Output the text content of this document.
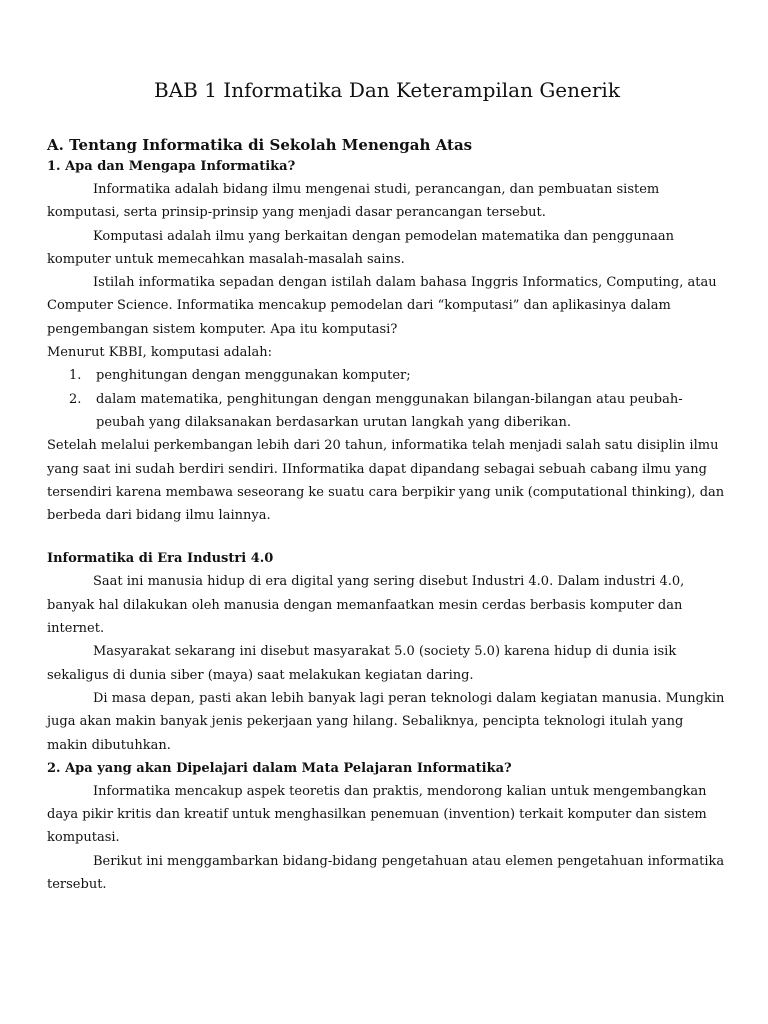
BAB 1 Informatika Dan Keterampilan Generik
A. Tentang Informatika di Sekolah Menengah Atas
1. Apa dan Mengapa Informatika?

Informatika adalah bidang ilmu mengenai studi, perancangan, dan pembuatan sistem komputasi, serta prinsip-prinsip yang menjadi dasar perancangan tersebut.

Komputasi adalah ilmu yang berkaitan dengan pemodelan matematika dan penggunaan komputer untuk memecahkan masalah-masalah sains.

Istilah informatika sepadan dengan istilah dalam bahasa Inggris Informatics, Computing, atau Computer Science. Informatika mencakup pemodelan dari “komputasi” dan aplikasinya dalam pengembangan sistem komputer. Apa itu komputasi?

Menurut KBBI, komputasi adalah:

1. penghitungan dengan menggunakan komputer;
2. dalam matematika, penghitungan dengan menggunakan bilangan-bilangan atau peubah-peubah yang dilaksanakan berdasarkan urutan langkah yang diberikan.

Setelah melalui perkembangan lebih dari 20 tahun, informatika telah menjadi salah satu disiplin ilmu yang saat ini sudah berdiri sendiri. IInformatika dapat dipandang sebagai sebuah cabang ilmu yang tersendiri karena membawa seseorang ke suatu cara berpikir yang unik (computational thinking), dan berbeda dari bidang ilmu lainnya.

Informatika di Era Industri 4.0

Saat ini manusia hidup di era digital yang sering disebut Industri 4.0. Dalam industri 4.0, banyak hal dilakukan oleh manusia dengan memanfaatkan mesin cerdas berbasis komputer dan internet.

Masyarakat sekarang ini disebut masyarakat 5.0 (society 5.0) karena hidup di dunia isik sekaligus di dunia siber (maya) saat melakukan kegiatan daring.

Di masa depan, pasti akan lebih banyak lagi peran teknologi dalam kegiatan manusia. Mungkin juga akan makin banyak jenis pekerjaan yang hilang. Sebaliknya, pencipta teknologi itulah yang makin dibutuhkan.

2. Apa yang akan Dipelajari dalam Mata Pelajaran Informatika?

Informatika mencakup aspek teoretis dan praktis, mendorong kalian untuk mengembangkan daya pikir kritis dan kreatif untuk menghasilkan penemuan (invention) terkait komputer dan sistem komputasi.

Berikut ini menggambarkan bidang-bidang pengetahuan atau elemen pengetahuan informatika tersebut.
